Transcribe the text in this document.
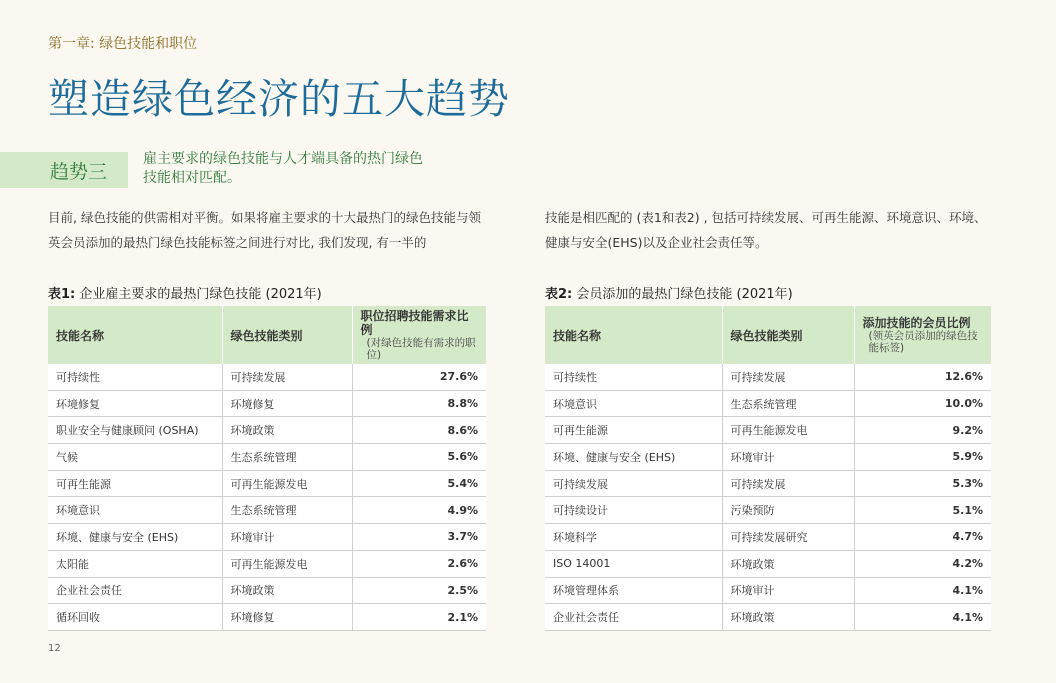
第一章: 绿色技能和职位
塑造绿色经济的五大趋势
趋势三
雇主要求的绿色技能与人才端具备的热门绿色技能相对匹配。
目前, 绿色技能的供需相对平衡。如果将雇主要求的十大最热门的绿色技能与领英会员添加的最热门绿色技能标签之间进行对比, 我们发现, 有一半的
技能是相匹配的 (表1和表2) , 包括可持续发展、可再生能源、环境意识、环境、健康与安全(EHS)以及企业社会责任等。
表1: 企业雇主要求的最热门绿色技能 (2021年)
技能名称	绿色技能类别	职位招聘技能需求比例
(对绿色技能有需求的职位)

可持续性	可持续发展	27.6%
环境修复	环境修复	8.8%
职业安全与健康顾问 (OSHA)	环境政策	8.6%
气候	生态系统管理	5.6%
可再生能源	可再生能源发电	5.4%
环境意识	生态系统管理	4.9%
环境、健康与安全 (EHS)	环境审计	3.7%
太阳能	可再生能源发电	2.6%
企业社会责任	环境政策	2.5%
循环回收	环境修复	2.1%
表2: 会员添加的最热门绿色技能 (2021年)
技能名称	绿色技能类别	添加技能的会员比例
(领英会员添加的绿色技能标签)

可持续性	可持续发展	12.6%
环境意识	生态系统管理	10.0%
可再生能源	可再生能源发电	9.2%
环境、健康与安全 (EHS)	环境审计	5.9%
可持续发展	可持续发展	5.3%
可持续设计	污染预防	5.1%
环境科学	可持续发展研究	4.7%
ISO 14001	环境政策	4.2%
环境管理体系	环境审计	4.1%
企业社会责任	环境政策	4.1%
12
